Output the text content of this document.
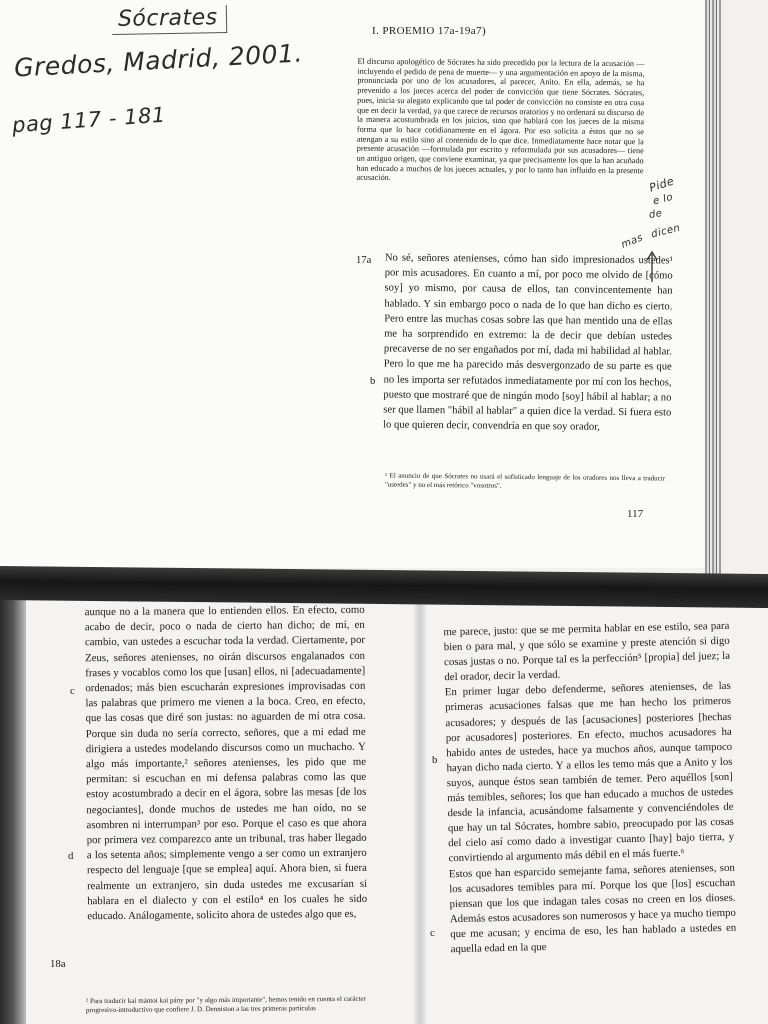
Sócrates
Gredos, Madrid, 2001.
pag 117 - 181
Pide
e lo
de
dicen
mas
I. PROEMIO 17a-19a7)
El discurso apologético de Sócrates ha sido precedido por la lectura de la acusación —incluyendo el pedido de pena de muerte— y una argumentación en apoyo de la misma, pronunciada por uno de los acusadores, al parecer, Anito. En ella, además, se ha prevenido a los jueces acerca del poder de convicción que tiene Sócrates. Sócrates, pues, inicia su alegato explicando que tal poder de convicción no consiste en otra cosa que en decir la verdad, ya que carece de recursos oratorios y no ordenará su discurso de la manera acostumbrada en los juicios, sino que hablará con los jueces de la misma forma que lo hace cotidianamente en el ágora. Por eso solicita a éstos que no se atengan a su estilo sino al contenido de lo que dice. Inmediatamente hace notar que la presente acusación —formulada por escrito y reformulada por sus acusadores— tiene un antiguo origen, que conviene examinar, ya que precisamente los que la han acuñado han educado a muchos de los jueces actuales, y por lo tanto han influido en la presente acusación.
17a
b

No sé, señores atenienses, cómo han sido impresionados ustedes¹ por mis acusadores. En cuanto a mí, por poco me olvido de [cómo soy] yo mismo, por causa de ellos, tan convincentemente han hablado. Y sin embargo poco o nada de lo que han dicho es cierto. Pero entre las muchas cosas sobre las que han mentido una de ellas me ha sorprendido en extremo: la de decir que debían ustedes precaverse de no ser engañados por mí, dada mi habilidad al hablar. Pero lo que me ha parecido más desvergonzado de su parte es que no les importa ser refutados inmediatamente por mí con los hechos, puesto que mostraré que de ningún modo [soy] hábil al hablar; a no ser que llamen "hábil al hablar" a quien dice la verdad. Si fuera esto lo que quieren decir, convendría en que soy orador,

¹ El anuncio de que Sócrates no usará el sofisticado lenguaje de los oradores nos lleva a traducir "ustedes" y no el más retórico "vosotros".
117

aunque no a la manera que lo entienden ellos. En efecto, como acabo de decir, poco o nada de cierto han dicho; de mí, en cambio, van ustedes a escuchar toda la verdad. Ciertamente, por Zeus, señores atenienses, no oirán discursos engalanados con frases y vocablos como los que [usan] ellos, ni [adecuadamente] ordenados; más bien escucharán expresiones improvisadas con las palabras que primero me vienen a la boca. Creo, en efecto, que las cosas que diré son justas: no aguarden de mí otra cosa. Porque sin duda no sería correcto, señores, que a mi edad me dirigiera a ustedes modelando discursos como un muchacho. Y algo más importante,² señores atenienses, les pido que me permitan: si escuchan en mi defensa palabras como las que estoy acostumbrado a decir en el ágora, sobre las mesas [de los negociantes], donde muchos de ustedes me han oído, no se asombren ni interrumpan³ por eso. Porque el caso es que ahora por primera vez comparezco ante un tribunal, tras haber llegado a los setenta años; simplemente vengo a ser como un extranjero respecto del lenguaje [que se emplea] aquí. Ahora bien, si fuera realmente un extranjero, sin duda ustedes me excusarían si hablara en el dialecto y con el estilo⁴ en los cuales he sido educado. Análogamente, solicito ahora de ustedes algo que es,

c
d
18a
² Para traducir kaì mántoi kaì pány por "y algo más importante", hemos tenido en cuenta el carácter progresivo-introductivo que confiere J. D. Denniston a las tres primeras partículas

me parece, justo: que se me permita hablar en ese estilo, sea para bien o para mal, y que sólo se examine y preste atención si digo cosas justas o no. Porque tal es la perfección⁵ [propia] del juez; la del orador, decir la verdad.

En primer lugar debo defenderme, señores atenienses, de las primeras acusaciones falsas que me han hecho los primeros acusadores; y después de las [acusaciones] posteriores [hechas por acusadores] posteriores. En efecto, muchos acusadores ha habido antes de ustedes, hace ya muchos años, aunque tampoco hayan dicho nada cierto. Y a ellos les temo más que a Anito y los suyos, aunque éstos sean también de temer. Pero aquéllos [son] más temibles, señores; los que han educado a muchos de ustedes desde la infancia, acusándome falsamente y convenciéndoles de que hay un tal Sócrates, hombre sabio, preocupado por las cosas del cielo así como dado a investigar cuanto [hay] bajo tierra, y convirtiendo al argumento más débil en el más fuerte.⁶

Estos que han esparcido semejante fama, señores atenienses, son los acusadores temibles para mí. Porque los que [los] escuchan piensan que los que indagan tales cosas no creen en los dioses. Además estos acusadores son numerosos y hace ya mucho tiempo que me acusan; y encima de eso, les han hablado a ustedes en aquella edad en la que

b
c
